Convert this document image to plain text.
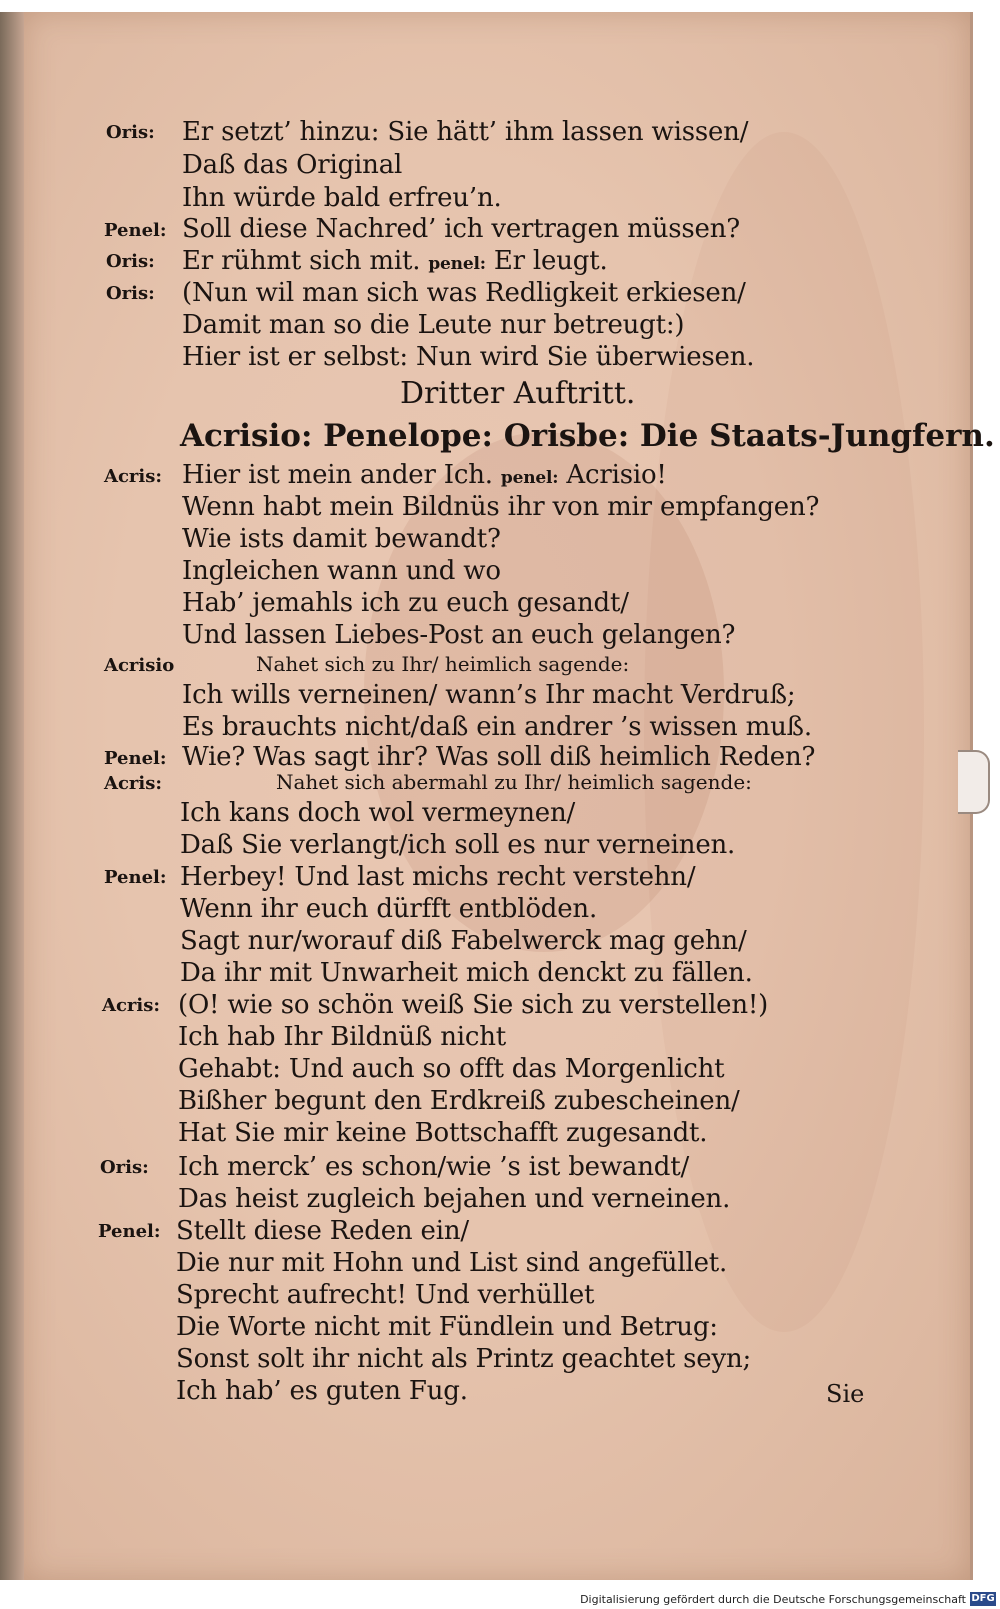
Oris: Er setzt’ hinzu: Sie hätt’ ihm lassen wissen/
Daß das Original
Ihn würde bald erfreu’n.
Penel: Soll diese Nachred’ ich vertragen müssen?
Oris: Er rühmt sich mit. penel: Er leugt.
Oris: (Nun wil man sich was Redligkeit erkiesen/
Damit man so die Leute nur betreugt:)
Hier ist er selbst: Nun wird Sie überwiesen.
Dritter Auftritt.
Acrisio: Penelope: Orisbe: Die Staats-Jungfern.
Acris: Hier ist mein ander Ich. penel: Acrisio!
Wenn habt mein Bildnüs ihr von mir empfangen?
Wie ists damit bewandt?
Ingleichen wann und wo
Hab’ jemahls ich zu euch gesandt/
Und lassen Liebes-Post an euch gelangen?
Acrisio	Nahet sich zu Ihr/ heimlich sagende:
Ich wills verneinen/ wann’s Ihr macht Verdruß;
Es brauchts nicht/daß ein andrer ’s wissen muß.
Penel: Wie? Was sagt ihr? Was soll diß heimlich Reden?
Acris:	Nahet sich abermahl zu Ihr/ heimlich sagende:
Ich kans doch wol vermeynen/
Daß Sie verlangt/ich soll es nur verneinen.
Penel: Herbey! Und last michs recht verstehn/
Wenn ihr euch dürfft entblöden.
Sagt nur/worauf diß Fabelwerck mag gehn/
Da ihr mit Unwarheit mich denckt zu fällen.
Acris: (O! wie so schön weiß Sie sich zu verstellen!)
Ich hab Ihr Bildnüß nicht
Gehabt: Und auch so offt das Morgenlicht
Bißher begunt den Erdkreiß zubescheinen/
Hat Sie mir keine Bottschafft zugesandt.
Oris: Ich merck’ es schon/wie ’s ist bewandt/
Das heist zugleich bejahen und verneinen.
Penel: Stellt diese Reden ein/
Die nur mit Hohn und List sind angefüllet.
Sprecht aufrecht! Und verhüllet
Die Worte nicht mit Fündlein und Betrug:
Sonst solt ihr nicht als Printz geachtet seyn;
Ich hab’ es guten Fug.	Sie
Digitalisierung gefördert durch die Deutsche Forschungsgemeinschaft DFG
